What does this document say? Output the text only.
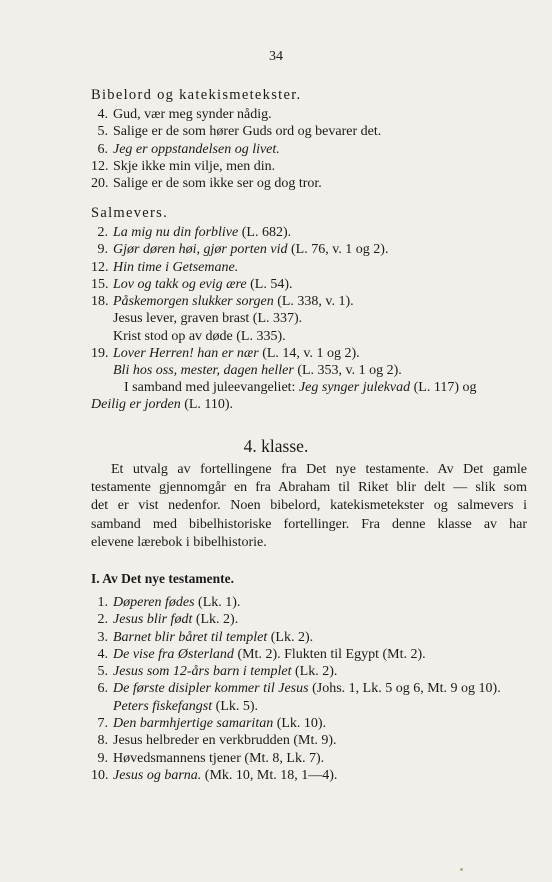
34
Bibelord og katekismetekster.
4. Gud, vær meg synder nådig.
5. Salige er de som hører Guds ord og bevarer det.
6. Jeg er oppstandelsen og livet.
12. Skje ikke min vilje, men din.
20. Salige er de som ikke ser og dog tror.
Salmevers.
2. La mig nu din forblive (L. 682).
9. Gjør døren høi, gjør porten vid (L. 76, v. 1 og 2).
12. Hin time i Getsemane.
15. Lov og takk og evig ære (L. 54).
18. Påskemorgen slukker sorgen (L. 338, v. 1).
Jesus lever, graven brast (L. 337).
Krist stod op av døde (L. 335).
19. Lover Herren! han er nær (L. 14, v. 1 og 2).
Bli hos oss, mester, dagen heller (L. 353, v. 1 og 2).
I samband med juleevangeliet: Jeg synger julekvad (L. 117) og
Deilig er jorden (L. 110).
4. klasse.
Et utvalg av fortellingene fra Det nye testamente. Av Det gamle
testamente gjennomgår en fra Abraham til Riket blir delt — slik som
det er vist nedenfor. Noen bibelord, katekismetekster og salmevers i
samband med bibelhistoriske fortellinger. Fra denne klasse av har
elevene lærebok i bibelhistorie.
I. Av Det nye testamente.
1. Døperen fødes (Lk. 1).
2. Jesus blir født (Lk. 2).
3. Barnet blir båret til templet (Lk. 2).
4. De vise fra Østerland (Mt. 2). Flukten til Egypt (Mt. 2).
5. Jesus som 12-års barn i templet (Lk. 2).
6. De første disipler kommer til Jesus (Johs. 1, Lk. 5 og 6, Mt. 9 og 10).
Peters fiskefangst (Lk. 5).
7. Den barmhjertige samaritan (Lk. 10).
8. Jesus helbreder en verkbrudden (Mt. 9).
9. Høvedsmannens tjener (Mt. 8, Lk. 7).
10. Jesus og barna. (Mk. 10, Mt. 18, 1—4).
